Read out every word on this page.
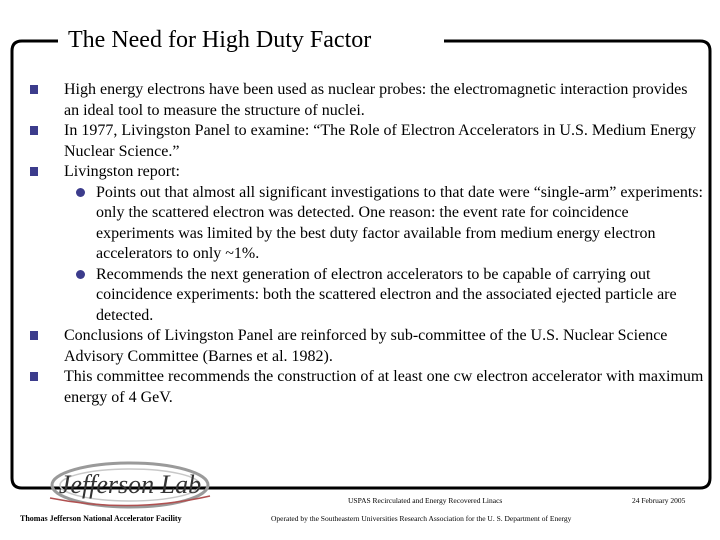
The Need for High Duty Factor
High energy electrons have been used as nuclear probes: the electromagnetic interaction provides an ideal tool to measure the structure of nuclei.
In 1977, Livingston Panel to examine: “The Role of Electron Accelerators in U.S. Medium Energy Nuclear Science.”
Livingston report:
Points out that almost all significant investigations to that date were “single-arm” experiments: only the scattered electron was detected. One reason: the event rate for coincidence experiments was limited by the best duty factor available from medium energy electron accelerators to only ~1%.
Recommends the next generation of electron accelerators to be capable of carrying out coincidence experiments: both the scattered electron and the associated ejected particle are detected.
Conclusions of Livingston Panel are reinforced by sub-committee of the U.S. Nuclear Science Advisory Committee (Barnes et al. 1982).
This committee recommends the construction of at least one cw electron accelerator with maximum energy of 4 GeV.
Jefferson Lab
Thomas Jefferson National Accelerator Facility
USPAS Recirculated and Energy Recovered Linacs
Operated by the Southeastern Universities Research Association for the U. S. Department of Energy
24 February 2005
